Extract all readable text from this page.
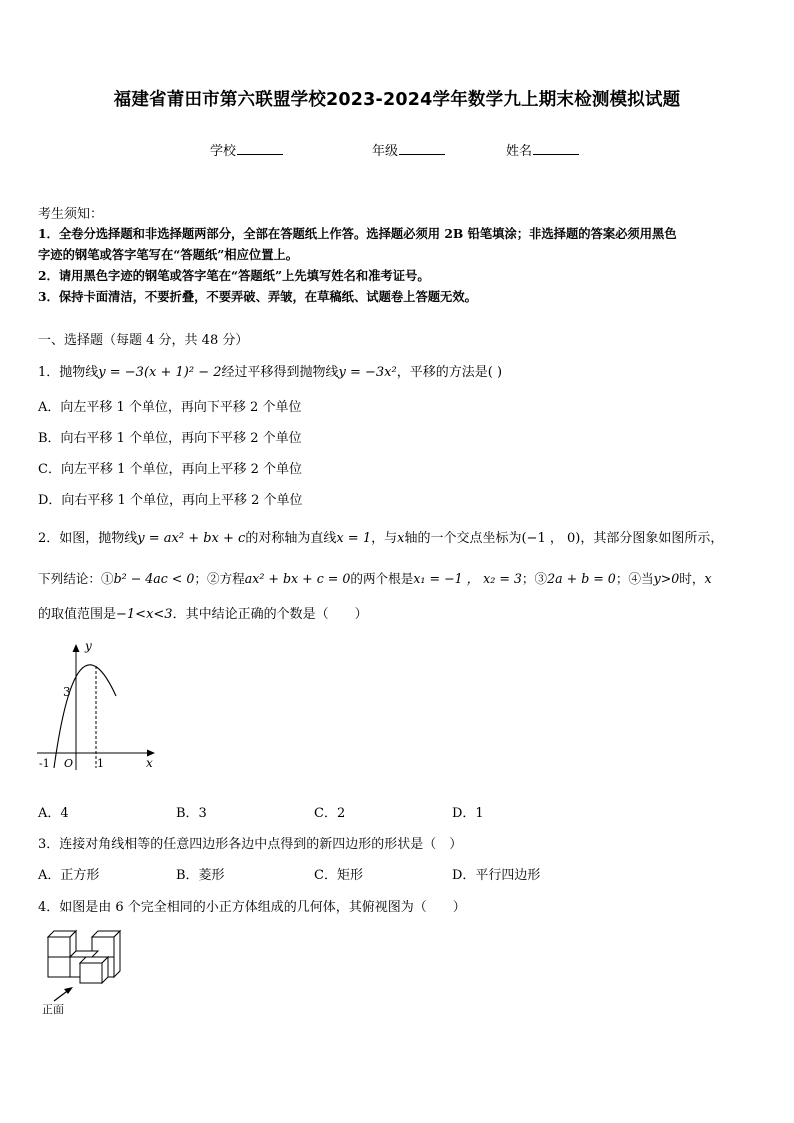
福建省莆田市第六联盟学校2023-2024学年数学九上期末检测模拟试题
学校	年级	姓名
考生须知：
1．全卷分选择题和非选择题两部分，全部在答题纸上作答。选择题必须用 2B 铅笔填涂；非选择题的答案必须用黑色
字迹的钢笔或答字笔写在“答题纸”相应位置上。
2．请用黑色字迹的钢笔或答字笔在“答题纸”上先填写姓名和准考证号。
3．保持卡面清洁，不要折叠，不要弄破、弄皱，在草稿纸、试题卷上答题无效。
一、选择题（每题 4 分，共 48 分）
1．抛物线y = −3(x + 1)² − 2经过平移得到抛物线y = −3x²，平移的方法是( )
A．向左平移 1 个单位，再向下平移 2 个单位
B．向右平移 1 个单位，再向下平移 2 个单位
C．向左平移 1 个单位，再向上平移 2 个单位
D．向右平移 1 个单位，再向上平移 2 个单位
2．如图，抛物线y = ax² + bx + c的对称轴为直线x = 1，与x轴的一个交点坐标为(−1 ， 0)，其部分图象如图所示，
下列结论：①b² − 4ac < 0；②方程ax² + bx + c = 0的两个根是x₁ = −1 ， x₂ = 3；③2a + b = 0；④当y>0时，x
的取值范围是−1<x<3．其中结论正确的个数是（　　）
y
x
3
-1 O 1
A．4	B．3	C．2	D．1
3．连接对角线相等的任意四边形各边中点得到的新四边形的形状是（　）
A．正方形	B．菱形	C．矩形	D．平行四边形
4．如图是由 6 个完全相同的小正方体组成的几何体，其俯视图为（　　）
正面
